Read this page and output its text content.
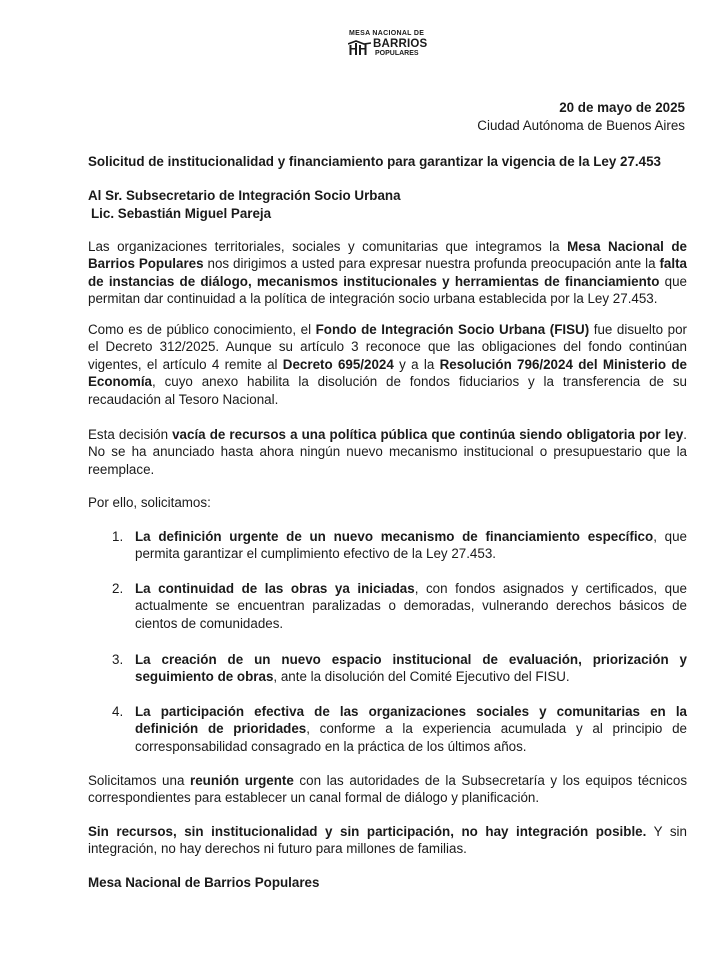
MESA NACIONAL DE
BARRIOS
POPULARES
20 de mayo de 2025
Ciudad Autónoma de Buenos Aires
Solicitud de institucionalidad y financiamiento para garantizar la vigencia de la Ley 27.453
Al Sr. Subsecretario de Integración Socio Urbana
Lic. Sebastián Miguel Pareja

Las organizaciones territoriales, sociales y comunitarias que integramos la Mesa Nacional de Barrios Populares nos dirigimos a usted para expresar nuestra profunda preocupación ante la falta de instancias de diálogo, mecanismos institucionales y herramientas de financiamiento que permitan dar continuidad a la política de integración socio urbana establecida por la Ley 27.453.

Como es de público conocimiento, el Fondo de Integración Socio Urbana (FISU) fue disuelto por el Decreto 312/2025. Aunque su artículo 3 reconoce que las obligaciones del fondo continúan vigentes, el artículo 4 remite al Decreto 695/2024 y a la Resolución 796/2024 del Ministerio de Economía, cuyo anexo habilita la disolución de fondos fiduciarios y la transferencia de su recaudación al Tesoro Nacional.

Esta decisión vacía de recursos a una política pública que continúa siendo obligatoria por ley. No se ha anunciado hasta ahora ningún nuevo mecanismo institucional o presupuestario que la reemplace.

Por ello, solicitamos:
1. La definición urgente de un nuevo mecanismo de financiamiento específico, que permita garantizar el cumplimiento efectivo de la Ley 27.453.

2. La continuidad de las obras ya iniciadas, con fondos asignados y certificados, que actualmente se encuentran paralizadas o demoradas, vulnerando derechos básicos de cientos de comunidades.

3. La creación de un nuevo espacio institucional de evaluación, priorización y seguimiento de obras, ante la disolución del Comité Ejecutivo del FISU.

4. La participación efectiva de las organizaciones sociales y comunitarias en la definición de prioridades, conforme a la experiencia acumulada y al principio de corresponsabilidad consagrado en la práctica de los últimos años.

Solicitamos una reunión urgente con las autoridades de la Subsecretaría y los equipos técnicos correspondientes para establecer un canal formal de diálogo y planificación.

Sin recursos, sin institucionalidad y sin participación, no hay integración posible. Y sin integración, no hay derechos ni futuro para millones de familias.

Mesa Nacional de Barrios Populares
